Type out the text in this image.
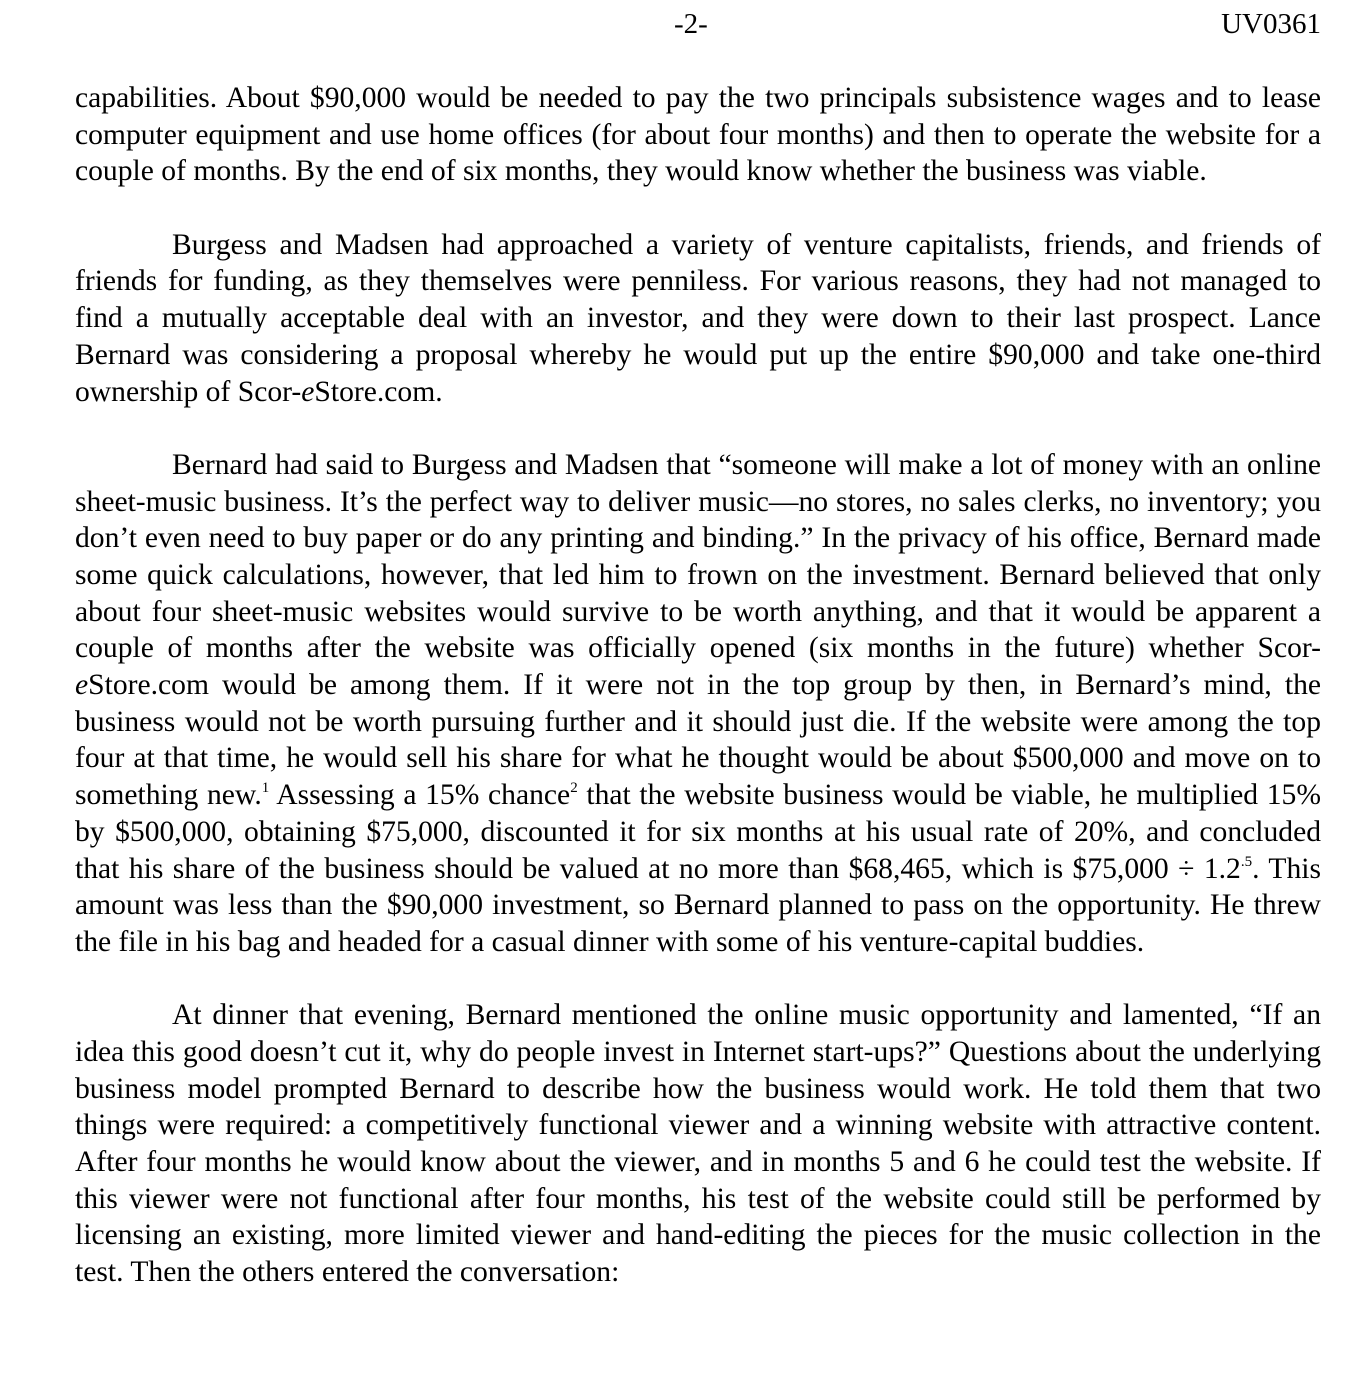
-2-	UV0361

capabilities. About $90,000 would be needed to pay the two principals subsistence wages and to lease computer equipment and use home offices (for about four months) and then to operate the website for a couple of months. By the end of six months, they would know whether the business was viable.

Burgess and Madsen had approached a variety of venture capitalists, friends, and friends of friends for funding, as they themselves were penniless. For various reasons, they had not managed to find a mutually acceptable deal with an investor, and they were down to their last prospect. Lance Bernard was considering a proposal whereby he would put up the entire $90,000 and take one-third ownership of Scor-eStore.com.

Bernard had said to Burgess and Madsen that “someone will make a lot of money with an online sheet-music business. It’s the perfect way to deliver music—no stores, no sales clerks, no inventory; you don’t even need to buy paper or do any printing and binding.” In the privacy of his office, Bernard made some quick calculations, however, that led him to frown on the investment. Bernard believed that only about four sheet-music websites would survive to be worth anything, and that it would be apparent a couple of months after the website was officially opened (six months in the future) whether Scor-eStore.com would be among them. If it were not in the top group by then, in Bernard’s mind, the business would not be worth pursuing further and it should just die. If the website were among the top four at that time, he would sell his share for what he thought would be about $500,000 and move on to something new.$^1$ Assessing a 15% chance$^2$ that the website business would be viable, he multiplied 15% by $500,000, obtaining $75,000, discounted it for six months at his usual rate of 20%, and concluded that his share of the business should be valued at no more than $68,465, which is $75,000 ÷ $1.2^{.5}$. This amount was less than the $90,000 investment, so Bernard planned to pass on the opportunity. He threw the file in his bag and headed for a casual dinner with some of his venture-capital buddies.

At dinner that evening, Bernard mentioned the online music opportunity and lamented, “If an idea this good doesn’t cut it, why do people invest in Internet start-ups?” Questions about the underlying business model prompted Bernard to describe how the business would work. He told them that two things were required: a competitively functional viewer and a winning website with attractive content. After four months he would know about the viewer, and in months 5 and 6 he could test the website. If this viewer were not functional after four months, his test of the website could still be performed by licensing an existing, more limited viewer and hand-editing the pieces for the music collection in the test. Then the others entered the conversation:
